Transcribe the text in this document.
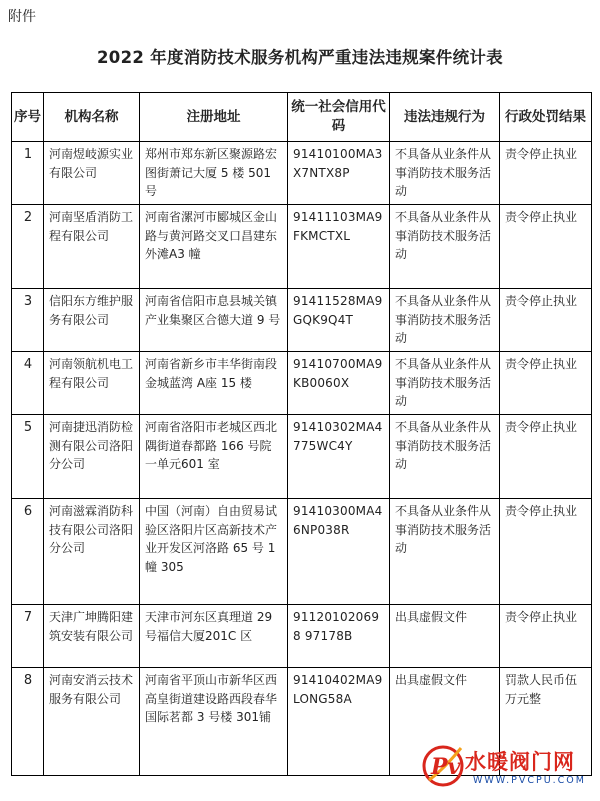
附件
2022 年度消防技术服务机构严重违法违规案件统计表
序号	机构名称	注册地址	统一社会信用代码	违法违规行为	行政处罚结果
1	河南煜岐源实业有限公司	郑州市郑东新区聚源路宏图街萧记大厦 5 楼 501 号	91410100MA3X7NTX8P	不具备从业条件从事消防技术服务活动	责令停止执业
2	河南坚盾消防工程有限公司	河南省漯河市郾城区金山路与黄河路交叉口昌建东外滩A3 幢	91411103MA9FKMCTXL	不具备从业条件从事消防技术服务活动	责令停止执业
3	信阳东方维护服务有限公司	河南省信阳市息县城关镇产业集聚区合德大道 9 号	91411528MA9GQK9Q4T	不具备从业条件从事消防技术服务活动	责令停止执业
4	河南领航机电工程有限公司	河南省新乡市丰华街南段金城蓝湾 A座 15 楼	91410700MA9KB0060X	不具备从业条件从事消防技术服务活动	责令停止执业
5	河南捷迅消防检测有限公司洛阳分公司	河南省洛阳市老城区西北隅街道春都路 166 号院一单元601 室	91410302MA4775WC4Y	不具备从业条件从事消防技术服务活动	责令停止执业
6	河南滋霖消防科技有限公司洛阳分公司	中国（河南）自由贸易试验区洛阳片区高新技术产业开发区河洛路 65 号 1幢 305	91410300MA46NP038R	不具备从业条件从事消防技术服务活动	责令停止执业
7	天津广坤腾阳建筑安装有限公司	天津市河东区真理道 29 号福信大厦201C 区	911201020698 97178B	出具虚假文件	责令停止执业
8	河南安消云技术服务有限公司	河南省平顶山市新华区西高皇街道建设路西段春华国际茗都 3 号楼 301铺	91410402MA9LONG58A	出具虚假文件	罚款人民币伍万元整
Pv 水暖阀门网
WWW.PVCPU.COM
